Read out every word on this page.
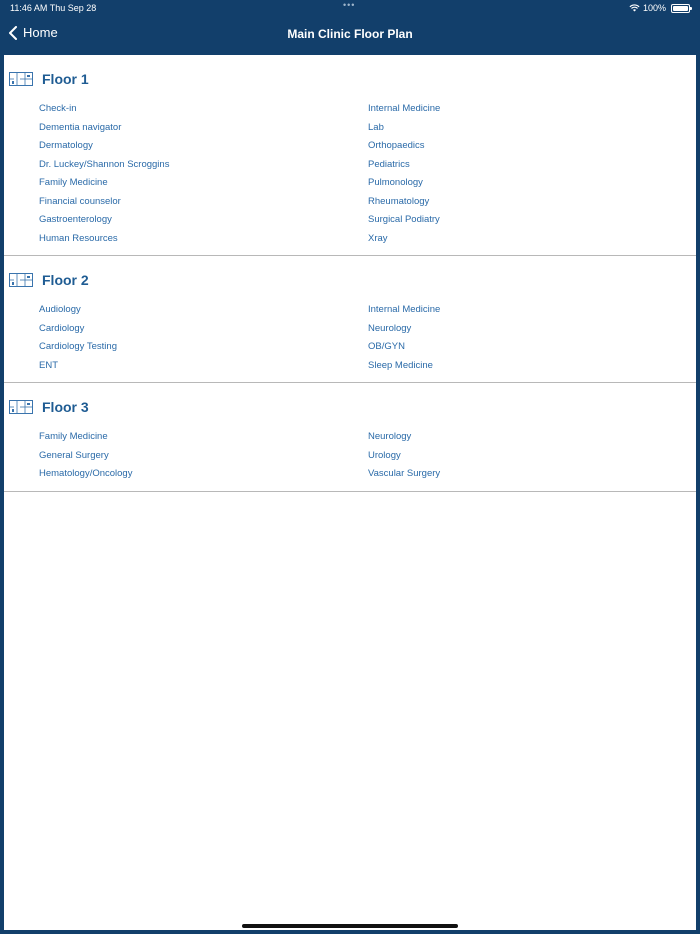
11:46 AM Thu Sep 28	•••	100%
Home	Main Clinic Floor Plan
Floor 1
Check-in	Internal Medicine
Dementia navigator	Lab
Dermatology	Orthopaedics
Dr. Luckey/Shannon Scroggins	Pediatrics
Family Medicine	Pulmonology
Financial counselor	Rheumatology
Gastroenterology	Surgical Podiatry
Human Resources	Xray
Floor 2
Audiology	Internal Medicine
Cardiology	Neurology
Cardiology Testing	OB/GYN
ENT	Sleep Medicine
Floor 3
Family Medicine	Neurology
General Surgery	Urology
Hematology/Oncology	Vascular Surgery
